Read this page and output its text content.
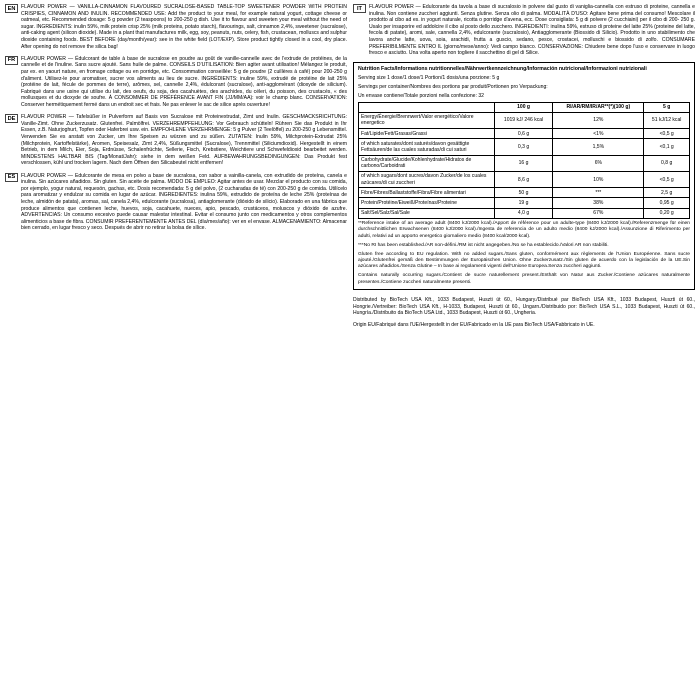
EN	FLAVOUR POWER — VANILLA-CINNAMON FLAVOURED SUCRALOSE-BASED TABLE-TOP SWEETENER POWDER WITH PROTEIN CRISPIES, CINNAMON AND INULIN. RECOMMENDED USE: Add the product to your meal, for example natural yogurt, cottage cheese or oatmeal, etc. Recommended dosage: 5 g powder (2 teaspoons) to 200-250 g dish. Use it to flavour and sweeten your meal without the need of sugar. INGREDIENTS: inulin 59%, milk protein crisp 25% (milk proteins, potato starch), flavourings, salt, cinnamon 2,4%, sweetener (sucralose), anti-caking agent (silicon dioxide). Made in a plant that manufactures milk, egg, soy, peanuts, nuts, celery, fish, crustacean, molluscs and sulphur dioxide containing foods. BEST BEFORE (day/month/year): see in the white field (LOT/EXP). Store product tightly closed in a cool, dry place. After opening do not remove the silica bag!
FR	FLAVOUR POWER — Édulcorant de table à base de sucralose en poudre au goût de vanille-cannelle avec de l'extrude de protéines, de la cannelle et de l'inuline. Sans sucre ajouté. Sans huile de palme. CONSEILS D'UTILISATION: Bien agiter avant utilisation! Mélangez le produit, par ex. en yaourt nature, en fromage cottage ou en porridge, etc. Consommation conseillée: 5 g de poudre (2 cuillères à café) pour 200-250 g d'aliment. Utilisez-le pour aromatiser, sucrer vos aliments au lieu de sucre. INGRÉDIENTS: inuline 59%, extrudé de protéine de lait 25% (protéine de lait, fécule de pommes de terre), arômes, sel, cannelle 2,4%, édulcorant (sucralose), anti-agglomérant (dioxyde de silicium). Fabriqué dans une usine qui utilise du lait, des oeufs, du soja, des cacahuètes, des arachides, du céleri, du poisson, des crustacés, « des mollusques et du dioxyde de soufre. À CONSOMMER DE PRÉFÉRENCE AVANT FIN (JJ/MM/AA): voir le champ blanc. CONSERVATION: Conserver hermétiquement fermé dans un endroit sec et frais. Ne pas enlever le sac de silice après ouverture!
DE	FLAVOUR POWER — Tafelsüßer in Pulverform auf Basis von Sucralose mit Proteinextrudat, Zimt und Inulin. GESCHMACKSRICHTUNG: Vanille-Zimt. Ohne Zuckerzusatz. Glutenfrei. Palmölfrei. VERZEHREMPFEHLUNG: Vor Gebrauch schütteln! Rühren Sie das Produkt in Ihr Essen, z.B. Naturjoghurt, Topfen oder Haferbrei usw. ein. EMPFOHLENE VERZEHRMENGE: 5 g Pulver (2 Teelöffel) zu 200-250 g Lebensmittel. Verwenden Sie es anstatt von Zucker, um Ihre Speisen zu würzen und zu süßen. ZUTATEN: Inulin 59%, Milchprotein-Extrudat 25% (Milchprotein, Kartoffelstärke), Aromen, Speisesalz, Zimt 2,4%, Süßungsmittel (Sucralose), Trennmittel (Siliciumdioxid). Hergestellt in einem Betrieb, in dem Milch, Eier, Soja, Erdnüsse, Schalenfrüchte, Sellerie, Fisch, Krebstiere, Weichtiere und Schwefeldioxid bearbeitet werden. MINDESTENS HALTBAR BIS (Tag/Monat/Jahr): siehe in dem weißen Feld. AUFBEWAHRUNGSBEDINGUNGEN: Das Produkt fest verschlossen, kühl und trocken lagern. Nach dem Öffnen den Silicabeutel nicht entfernen!
ES	FLAVOUR POWER — Edulcorante de mesa en polvo a base de sucralosa, con sabor a vainilla-canela, con extrudido de proteína, canela e inulina. Sin azúcares añadidos. Sin gluten. Sin aceite de palma. MODO DE EMPLEO: Agitar antes de usar. Mezclar el producto con su comida, por ejemplo, yogur natural, requesón, gachas, etc. Dosis recomendada: 5 g del polvo, (2 cucharadas de té) con 200-250 g de comida. Utilícelo para aromatizar y endulzar su comida en lugar de azúcar. INGREDIENTES: inulina 59%, extrudido de proteína de leche 25% (proteínas de leche, almidón de patata), aromas, sal, canela 2,4%, edulcorante (sucralosa), antiaglomerante (dióxido de silicio). Elaborado en una fábrica que produce alimentos que contienen leche, huevos, soja, cacahuete, nueces, apio, pescado, crustáceos, moluscos y dióxido de azufre. ADVERTENCIAS: Un consumo excesivo puede causar malestar intestinal. Evitar el consumo junto con medicamentos y otros complementos alimenticios a base de fibra. CONSUMIR PREFERENTEMENTE ANTES DEL (día/mes/año): ver en el envase. ALMACENAMIENTO: Almacenar bien cerrado, en lugar fresco y seco. Después de abrir no retirar la bolsa de sílice.
IT	FLAVOUR POWER — Edulcorante da tavola a base di sucralosio in polvere dal gusto di vaniglia-cannella con estruso di proteine, cannella e inulina. Non contiene zuccheri aggiunti. Senza glutine. Senza olio di palma. MODALITÀ D'USO: Agitare bene prima del consumo! Mescolare il prodotto al cibo ad es. in yogurt naturale, ricotta o porridge d'avena, ecc. Dose consigliata: 5 g di polvere (2 cucchiaini) per il cibo di 200- 250 g. Usalo per insaporire ed addolcire il cibo al posto dello zucchero. INGREDIENTI: inulina 59%, estruso di proteine del latte 25% (proteine del latte, fecola di patate), aromi, sale, cannella 2,4%, edulcorante (sucralosio), Antiagglomerante (Biossido di Silicio). Prodotto in uno stabilimento che lavora anche latte, uova, soia, arachidi, frutta a guscio, sedano, pesce, crostacei, molluschi e biossido di zolfo. CONSUMARE PREFERIBILMENTE ENTRO IL (giorno/mese/anno): Vedi campo bianco. CONSERVAZIONE: Chiudere bene dopo l'uso e conservare in luogo fresco e asciutto. Una volta aperto non togliere il sacchettino di gel di Silice.
Nutrition Facts/Informations nutritionnelles/Nährwertkennzeichnung/Información nutricional/Informazioni nutrizionali
Serving size 1 dose/1 dose/1 Portion/1 dosis/una porzione: 5 g
Servings per container/Nombres des portions par produit/Portionen pro Verpackung:
Un envase contiene/Totale porzioni nella confezione: 32
	100 g	RI/AR/RM/IR/AR**(*)(100 g)	5 g
Energy/Énergie/Brennwert/Valor energético/Valore energetico	1019 kJ/ 246 kcal	12%	51 kJ/12 kcal
Fat/Lipide/Fett/Grasas/Grassi	0,6 g	<1%	<0,5 g
of which saturates/dont saturés/davon gesättigte Fettsäuren/de las cuales saturadas/di cui saturi	0,3 g	1,5%	<0,1 g
Carbohydrate/Glucide/Kohlenhydrate/Hidratos de carbono/Carboidrati	16 g	6%	0,8 g
of which sugars/dont sucres/davon Zucker/de los cuales azúcares/di cui zuccheri	8,6 g	10%	<0,5 g
Fibre/Fibres/Ballaststoffe/Fibra/Fibre alimentari	50 g	***	2,5 g
Protein/Protéine/Eiweiß/Proteínas/Proteine	19 g	38%	0,95 g
Salt/Sel/Salz/Sal/Sale	4,0 g	67%	0,20 g

**Reference intake of an average adult (8400 kJ/2000 kcal)./Apport de référence pour un adulte-type (8400 kJ/2000 kcal)./Referenzmenge für einen durchschnittlichen Erwachsenen (8400 kJ/2000 kcal)./Ingesta de referencia de un adulto medio (8400 kJ/2000 kcal)./Assunzione di Riferimento per adulti, relativi ad un apporto energetico giornaliero medio (8400 kcal/2000 kcal).

***No RI has been established./AR non-défini./RM ist nicht angegeben./No se ha establecido./Valori AR non stabiliti.

Gluten free according to EU regulation. With no added sugars./Sans gluten, conformément aux règlements de l'Union Européenne. Sans sucre ajouté./Glutenfrei gemäß den Bestimmungen der Europäischen Union. Ohne Zuckerzusatz./Sin gluten de acuerdo con la legislación de la UE.Sin azúcares añadidos./Senza Glutine – In base ai regolamenti vigenti dell'Unione Europea.Senza zuccheri aggiunti.

Contains naturally occurring sugars./Contient de sucre naturellement present./Enthält von Natur aus Zucker./Contiene azúcares naturalmente presentes./Contiene zuccheri naturalmente presenti.

Distributed by BioTech USA Kft., 1033 Budapest, Huszti út 60., Hungary./Distribué par BioTech USA Kft., 1033 Budapest, Huszti út 60., Hongrie./Vertreiber: BioTech USA Kft., H-1033, Budapest, Huszti út 60., Ungarn./Distribuido por: BioTech USA S.L., 1033 Budapest, Huszti út 60., Hungría./Distribuito da BioTech USA Ltd., 1033 Budapest, Huszti út 60., Ungheria.
Origin EU/Fabriqué dans l'UE/Hergestellt in der EU/Fabricado en la UE para BioTech USA/Fabbricato in UE.
